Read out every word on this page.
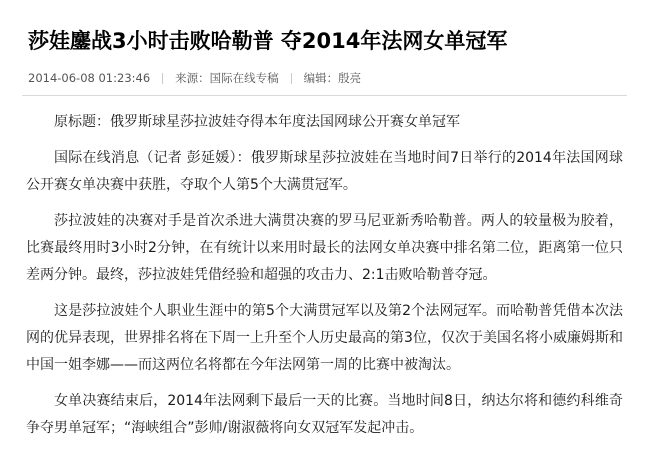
莎娃鏖战3小时击败哈勒普 夺2014年法网女单冠军
2014-06-08 01:23:46 来源： 国际在线专稿 编辑： 殷亮

原标题：俄罗斯球星莎拉波娃夺得本年度法国网球公开赛女单冠军

国际在线消息（记者 彭延媛）：俄罗斯球星莎拉波娃在当地时间7日举行的2014年法国网球公开赛女单决赛中获胜，夺取个人第5个大满贯冠军。

莎拉波娃的决赛对手是首次杀进大满贯决赛的罗马尼亚新秀哈勒普。两人的较量极为胶着，比赛最终用时3小时2分钟，在有统计以来用时最长的法网女单决赛中排名第二位，距离第一位只差两分钟。最终，莎拉波娃凭借经验和超强的攻击力、2:1击败哈勒普夺冠。

这是莎拉波娃个人职业生涯中的第5个大满贯冠军以及第2个法网冠军。而哈勒普凭借本次法网的优异表现，世界排名将在下周一上升至个人历史最高的第3位，仅次于美国名将小威廉姆斯和中国一姐李娜——而这两位名将都在今年法网第一周的比赛中被淘汰。

女单决赛结束后，2014年法网剩下最后一天的比赛。当地时间8日，纳达尔将和德约科维奇争夺男单冠军；“海峡组合”彭帅/谢淑薇将向女双冠军发起冲击。
